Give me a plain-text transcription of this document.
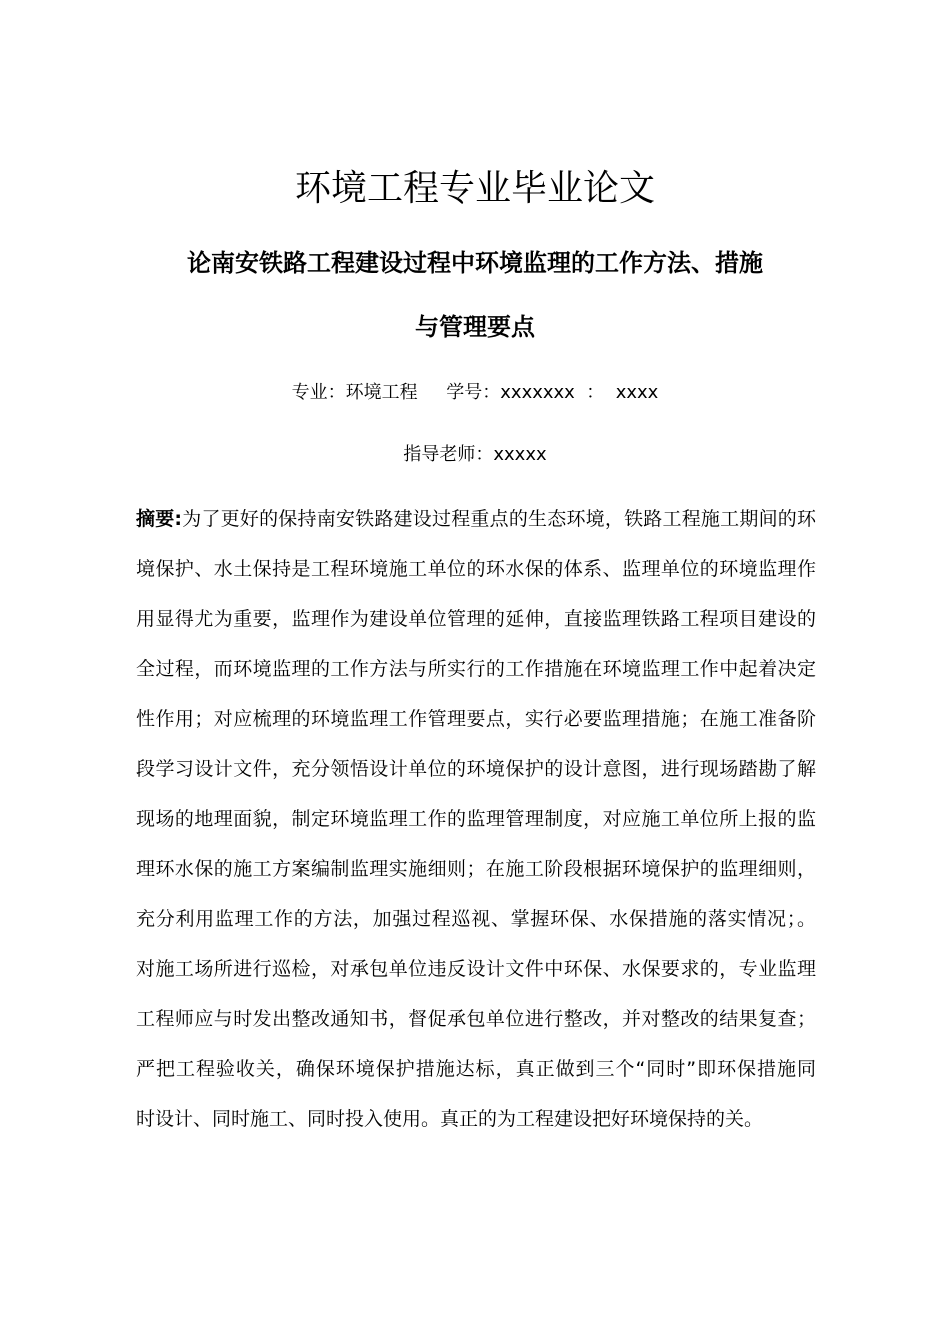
环境工程专业毕业论文
论南安铁路工程建设过程中环境监理的工作方法、措施
与管理要点
专业：环境工程     学号：xxxxxxx  ：  xxxx
指导老师：xxxxx
摘要:为了更好的保持南安铁路建设过程重点的生态环境，铁路工程施工期间的环
境保护、水土保持是工程环境施工单位的环水保的体系、监理单位的环境监理作
用显得尤为重要，监理作为建设单位管理的延伸，直接监理铁路工程项目建设的
全过程，而环境监理的工作方法与所实行的工作措施在环境监理工作中起着决定
性作用；对应梳理的环境监理工作管理要点，实行必要监理措施；在施工准备阶
段学习设计文件，充分领悟设计单位的环境保护的设计意图，进行现场踏勘了解
现场的地理面貌，制定环境监理工作的监理管理制度，对应施工单位所上报的监
理环水保的施工方案编制监理实施细则；在施工阶段根据环境保护的监理细则，
充分利用监理工作的方法，加强过程巡视、掌握环保、水保措施的落实情况；。
对施工场所进行巡检，对承包单位违反设计文件中环保、水保要求的，专业监理
工程师应与时发出整改通知书，督促承包单位进行整改，并对整改的结果复查；
严把工程验收关，确保环境保护措施达标，真正做到三个“同时”即环保措施同
时设计、同时施工、同时投入使用。真正的为工程建设把好环境保持的关。
